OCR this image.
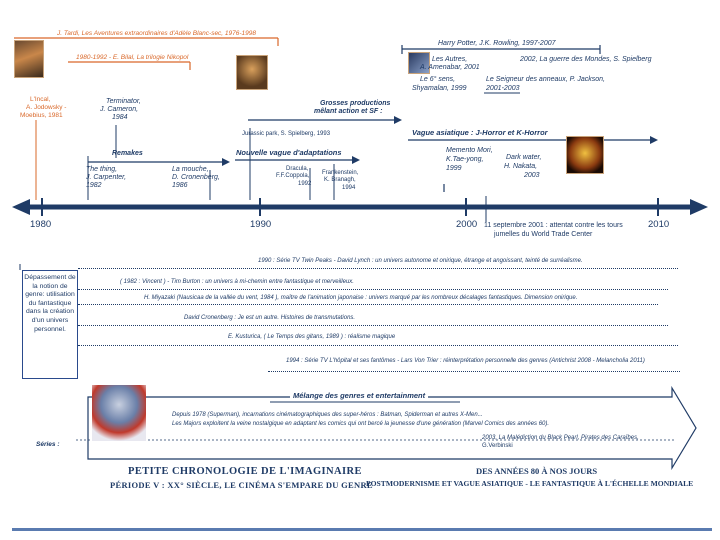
J. Tardi, Les Aventures extraordinaires d'Adèle Blanc-sec, 1976-1998
1980-1992 - E. Bilal, La trilogie Nikopol
Harry Potter, J.K. Rowling, 1997-2007
Les Autres,
A. Amenabar, 2001
2002, La guerre des Mondes, S. Spielberg
Le 6° sens,
Shyamalan, 1999
Le Seigneur des anneaux, P. Jackson,
2001-2003
L'Incal,
A. Jodowsky -
Moebius, 1981
Terminator,
J. Cameron,
1984
Grosses productions
mêlant action et SF :
Jurassic park, S. Spielberg, 1993	Vague asiatique : J-Horror et K-Horror
Remakes	Nouvelle vague d'adaptations
The thing,
J. Carpenter,
1982
La mouche,
D. Cronenberg,
1986
Dracula,
F.F.Coppola,
1992
Frankenstein,
K. Branagh,
1994
Memento Mori,
K.Tae-yong,
1999
Dark water,
H. Nakata,
2003
1980	1990	2000	2010
11 septembre 2001 : attentat contre les tours
jumelles du World Trade Center
Dépassement de la notion de genre: utilisation du fantastique dans la création d'un univers personnel.
1990 : Série TV Twin Peaks - David Lynch : un univers autonome et onirique, étrange et angoissant, teinté de surréalisme.
( 1982 : Vincent ) - Tim Burton : un univers à mi-chemin entre fantastique et merveilleux.
H. Miyazaki (Nausicaa de la vallée du vent, 1984 ), maître de l'animation japonaise : univers marqué par les nombreux décalages fantastiques. Dimension onirique.
David Cronenberg : Je est un autre. Histoires de transmutations.
E. Kusturica, ( Le Temps des gitans, 1989 ) : réalisme magique
1994 : Série TV L'hôpital et ses fantômes - Lars Von Trier : réinterprétation personnelle des genres (Antichrist 2008 - Melancholia 2011)
Mélange des genres et entertainment
Depuis 1978 (Superman), incarnations cinématographiques des super-héros : Batman, Spiderman et autres X-Men...
Les Majors exploitent la veine nostalgique en adaptant les comics qui ont bercé la jeunesse d'une génération (Marvel Comics des années 60).
Séries :
2003, La Malédiction du Black Pearl, Pirates des Caraïbes,
G.Verbinski
PETITE CHRONOLOGIE DE L'IMAGINAIRE
PÉRIODE V : XX° SIÈCLE, LE CINÉMA S'EMPARE DU GENRE
DES ANNÉES 80 À NOS JOURS
POSTMODERNISME ET VAGUE ASIATIQUE - LE FANTASTIQUE À L'ÉCHELLE MONDIALE
